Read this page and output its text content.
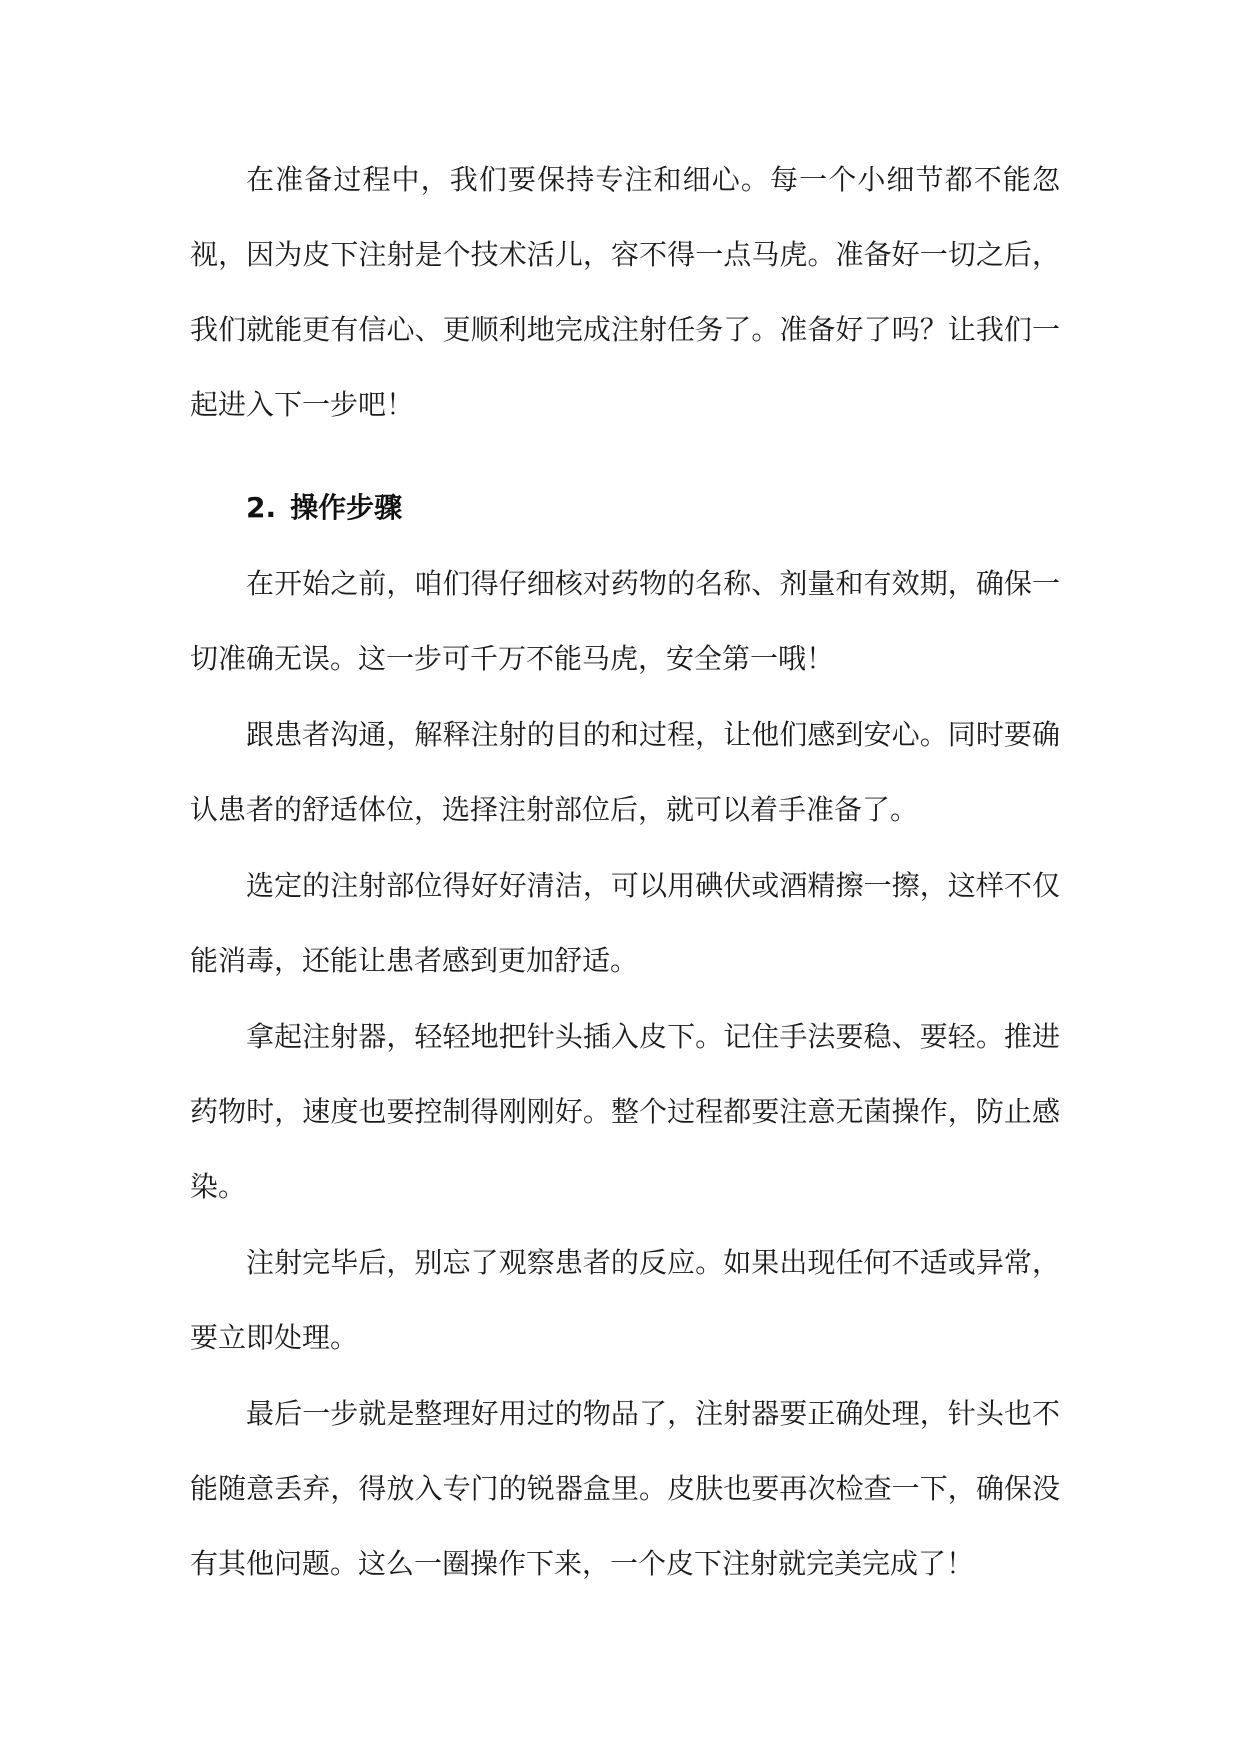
在准备过程中，我们要保持专注和细心。每一个小细节都不能忽视，因为皮下注射是个技术活儿，容不得一点马虎。准备好一切之后，我们就能更有信心、更顺利地完成注射任务了。准备好了吗？让我们一起进入下一步吧！

2. 操作步骤

在开始之前，咱们得仔细核对药物的名称、剂量和有效期，确保一切准确无误。这一步可千万不能马虎，安全第一哦！

跟患者沟通，解释注射的目的和过程，让他们感到安心。同时要确认患者的舒适体位，选择注射部位后，就可以着手准备了。

选定的注射部位得好好清洁，可以用碘伏或酒精擦一擦，这样不仅能消毒，还能让患者感到更加舒适。

拿起注射器，轻轻地把针头插入皮下。记住手法要稳、要轻。推进药物时，速度也要控制得刚刚好。整个过程都要注意无菌操作，防止感染。

注射完毕后，别忘了观察患者的反应。如果出现任何不适或异常，要立即处理。

最后一步就是整理好用过的物品了，注射器要正确处理，针头也不能随意丢弃，得放入专门的锐器盒里。皮肤也要再次检查一下，确保没有其他问题。这么一圈操作下来，一个皮下注射就完美完成了！
